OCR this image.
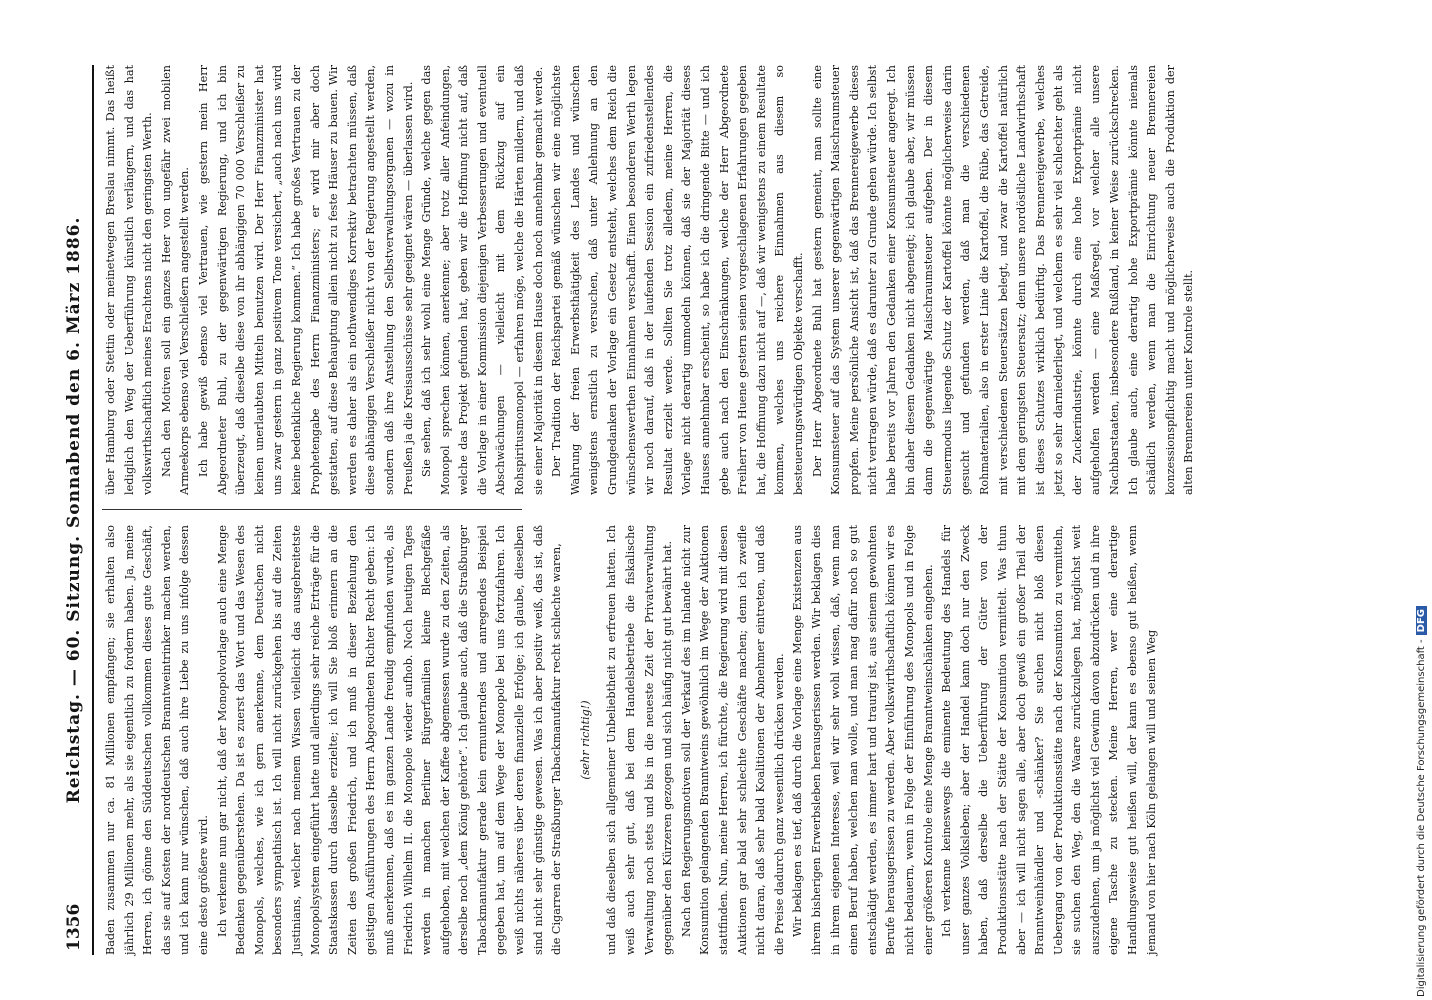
1356
Reichstag. — 60. Sitzung. Sonnabend den 6. März 1886. Baden zusammen nur ca. 81 Millionen empfangen; sie erhalten also jährlich 29 Millionen mehr, als sie eigentlich zu fordern haben. Ja, meine Herren, ich gönne den Süddeutschen vollkommen dieses gute Geschäft, das sie auf Kosten der norddeutschen Branntweintrinker machen werden, und ich kann nur wünschen, daß auch ihre Liebe zu uns infolge dessen eine desto größere wird. Ich verkenne nun gar nicht, daß der Monopolvorlage auch eine Menge Bedenken gegenüberstehen. Da ist es zuerst das Wort und das Wesen des Monopols, welches, wie ich gern anerkenne, dem Deutschen nicht besonders sympathisch ist. Ich will nicht zurückgehen bis auf die Zeiten Justinians, welcher nach meinem Wissen vielleicht das ausgebreitetste Monopolsystem eingeführt hatte und allerdings sehr reiche Erträge für die Staatskassen durch dasselbe erzielte; ich will Sie bloß erinnern an die Zeiten des großen Friedrich, und ich muß in dieser Beziehung den geistigen Ausführungen des Herrn Abgeordneten Richter Recht geben: ich muß anerkennen, daß es im ganzen Lande freudig empfunden wurde, als Friedrich Wilhelm II. die Monopole wieder aufhob. Noch heutigen Tages werden in manchen Berliner Bürgerfamilien kleine Blechgefäße aufgehoben, mit welchen der Kaffee abgemessen wurde zu den Zeiten, als derselbe noch „dem König gehörte“. Ich glaube auch, daß die Straßburger Tabackmanufaktur gerade kein ermunterndes und anregendes Beispiel gegeben hat, um auf dem Wege der Monopole bei uns fortzufahren. Ich weiß nichts näheres über deren finanzielle Erfolge; ich glaube, dieselben sind nicht sehr günstige gewesen. Was ich aber positiv weiß, das ist, daß die Cigarren der Straßburger Tabackmanufaktur recht schlechte waren,	(sehr richtig!)	und daß dieselben sich allgemeiner Unbeliebtheit zu erfreuen hatten. Ich weiß auch sehr gut, daß bei dem Handelsbetriebe die fiskalische Verwaltung noch stets und bis in die neueste Zeit der Privatverwaltung gegenüber den Kürzeren gezogen und sich häufig nicht gut bewährt hat. Nach den Regierungsmotiven soll der Verkauf des im Inlande nicht zur Konsumtion gelangenden Branntweins gewöhnlich im Wege der Auktionen stattfinden. Nun, meine Herren, ich fürchte, die Regierung wird mit diesen Auktionen gar bald sehr schlechte Geschäfte machen; denn ich zweifle nicht daran, daß sehr bald Koalitionen der Abnehmer eintreten, und daß die Preise dadurch ganz wesentlich drücken werden. Wir beklagen es tief, daß durch die Vorlage eine Menge Existenzen aus ihrem bisherigen Erwerbsleben herausgerissen werden. Wir beklagen dies in ihrem eigenen Interesse, weil wir sehr wohl wissen, daß, wenn man einen Beruf haben, welchen man wolle, und man mag dafür noch so gut entschädigt werden, es immer hart und traurig ist, aus seinem gewohnten Berufe herausgerissen zu werden. Aber volkswirthschaftlich können wir es nicht bedauern, wenn in Folge der Einführung des Monopols und in Folge einer größeren Kontrole eine Menge Branntweinschänken eingehen. Ich verkenne keineswegs die eminente Bedeutung des Handels für unser ganzes Volksleben; aber der Handel kann doch nur den Zweck haben, daß derselbe die Ueberführung der Güter von der Produktionsstätte nach der Stätte der Konsumtion vermittelt. Was thun aber — ich will nicht sagen alle, aber doch gewiß ein großer Theil der Branntweinhändler und -schänker? Sie suchen nicht bloß diesen Uebergang von der Produktionsstätte nach der Konsumtion zu vermitteln, sie suchen den Weg, den die Waare zurückzulegen hat, möglichst weit auszudehnen, um ja möglichst viel Gewinn davon abzudrücken und in ihre eigene Tasche zu stecken. Meine Herren, wer eine derartige Handlungsweise gut heißen will, der kann es ebenso gut heißen, wenn jemand von hier nach Köln gelangen will und seinen Weg

über Hamburg oder Stettin oder meinetwegen Breslau nimmt. Das heißt lediglich den Weg der Ueberführung künstlich verlängern, und das hat volkswirthschaftlich meines Erachtens nicht den geringsten Werth. Nach den Motiven soll ein ganzes Heer von ungefähr zwei mobilen Armeekorps ebenso viel Verschleißern angestellt werden. Ich habe gewiß ebenso viel Vertrauen, wie gestern mein Herr Abgeordneter Buhl, zu der gegenwärtigen Regierung, und ich bin überzeugt, daß dieselbe diese von ihr abhängigen 70 000 Verschleißer zu keinen unerlaubten Mitteln benutzen wird. Der Herr Finanzminister hat uns zwar gestern in ganz positivem Tone versichert, „auch nach uns wird keine bedenkliche Regierung kommen.“ Ich habe großes Vertrauen zu der Prophetengabe des Herrn Finanzministers; er wird mir aber doch gestatten, auf diese Behauptung allein nicht zu feste Häuser zu bauen. Wir werden es daher als ein nothwendiges Korrektiv betrachten müssen, daß diese abhängigen Verschleißer nicht von der Regierung angestellt werden, sondern daß ihre Anstellung den Selbstverwaltungsorganen — wozu in Preußen ja die Kreisausschüsse sehr geeignet wären — überlassen wird. Sie sehen, daß ich sehr wohl eine Menge Gründe, welche gegen das Monopol sprechen können, anerkenne; aber trotz aller Anfeindungen, welche das Projekt gefunden hat, geben wir die Hoffnung nicht auf, daß die Vorlage in einer Kommission diejenigen Verbesserungen und eventuell Abschwächungen — vielleicht mit dem Rückzug auf ein Rohspiritusmonopol — erfahren möge, welche die Härten mildern, und daß sie einer Majorität in diesem Hause doch noch annehmbar gemacht werde. Der Tradition der Reichspartei gemäß wünschen wir eine möglichste Wahrung der freien Erwerbsthätigkeit des Landes und wünschen wenigstens ernstlich zu versuchen, daß unter Anlehnung an den Grundgedanken der Vorlage ein Gesetz entsteht, welches dem Reich die wünschenswerthen Einnahmen verschafft. Einen besonderen Werth legen wir noch darauf, daß in der laufenden Session ein zufriedenstellendes Resultat erzielt werde. Sollten Sie trotz alledem, meine Herren, die Vorlage nicht derartig ummodeln können, daß sie der Majorität dieses Hauses annehmbar erscheint, so habe ich die dringende Bitte — und ich gebe auch nach den Einschränkungen, welche der Herr Abgeordnete Freiherr von Huene gestern seinen vorgeschlagenen Erfahrungen gegeben hat, die Hoffnung dazu nicht auf —, daß wir wenigstens zu einem Resultate kommen, welches uns reichere Einnahmen aus diesem so besteuerungswürdigen Objekte verschafft. Der Herr Abgeordnete Buhl hat gestern gemeint, man sollte eine Konsumsteuer auf das System unserer gegenwärtigen Maischraumsteuer propfen. Meine persönliche Ansicht ist, daß das Brennereigewerbe dieses nicht vertragen würde, daß es darunter zu Grunde gehen würde. Ich selbst habe bereits vor Jahren den Gedanken einer Konsumsteuer angeregt. Ich bin daher diesem Gedanken nicht abgeneigt; ich glaube aber, wir müssen dann die gegenwärtige Maischraumsteuer aufgeben. Der in diesem Steuermodus liegende Schutz der Kartoffel könnte möglicherweise darin gesucht und gefunden werden, daß man die verschiedenen Rohmaterialien, also in erster Linie die Kartoffel, die Rübe, das Getreide, mit verschiedenen Steuersätzen belegt, und zwar die Kartoffel natürlich mit dem geringsten Steuersatz; denn unsere nordöstliche Landwirthschaft ist dieses Schutzes wirklich bedürftig. Das Brennereigewerbe, welches jetzt so sehr darniederliegt, und welchem es sehr viel schlechter geht als der Zuckerindustrie, könnte durch eine hohe Exportprämie nicht aufgeholfen werden — eine Maßregel, vor welcher alle unsere Nachbarstaaten, insbesondere Rußland, in keiner Weise zurückschrecken. Ich glaube auch, eine derartig hohe Exportprämie könnte niemals schädlich werden, wenn man die Einrichtung neuer Brennereien konzessionspflichtig macht und möglicherweise auch die Produktion der alten Brennereien unter Kontrole stellt.

Digitalisierung gefördert durch die Deutsche Forschungsgemeinschaft -DFG
